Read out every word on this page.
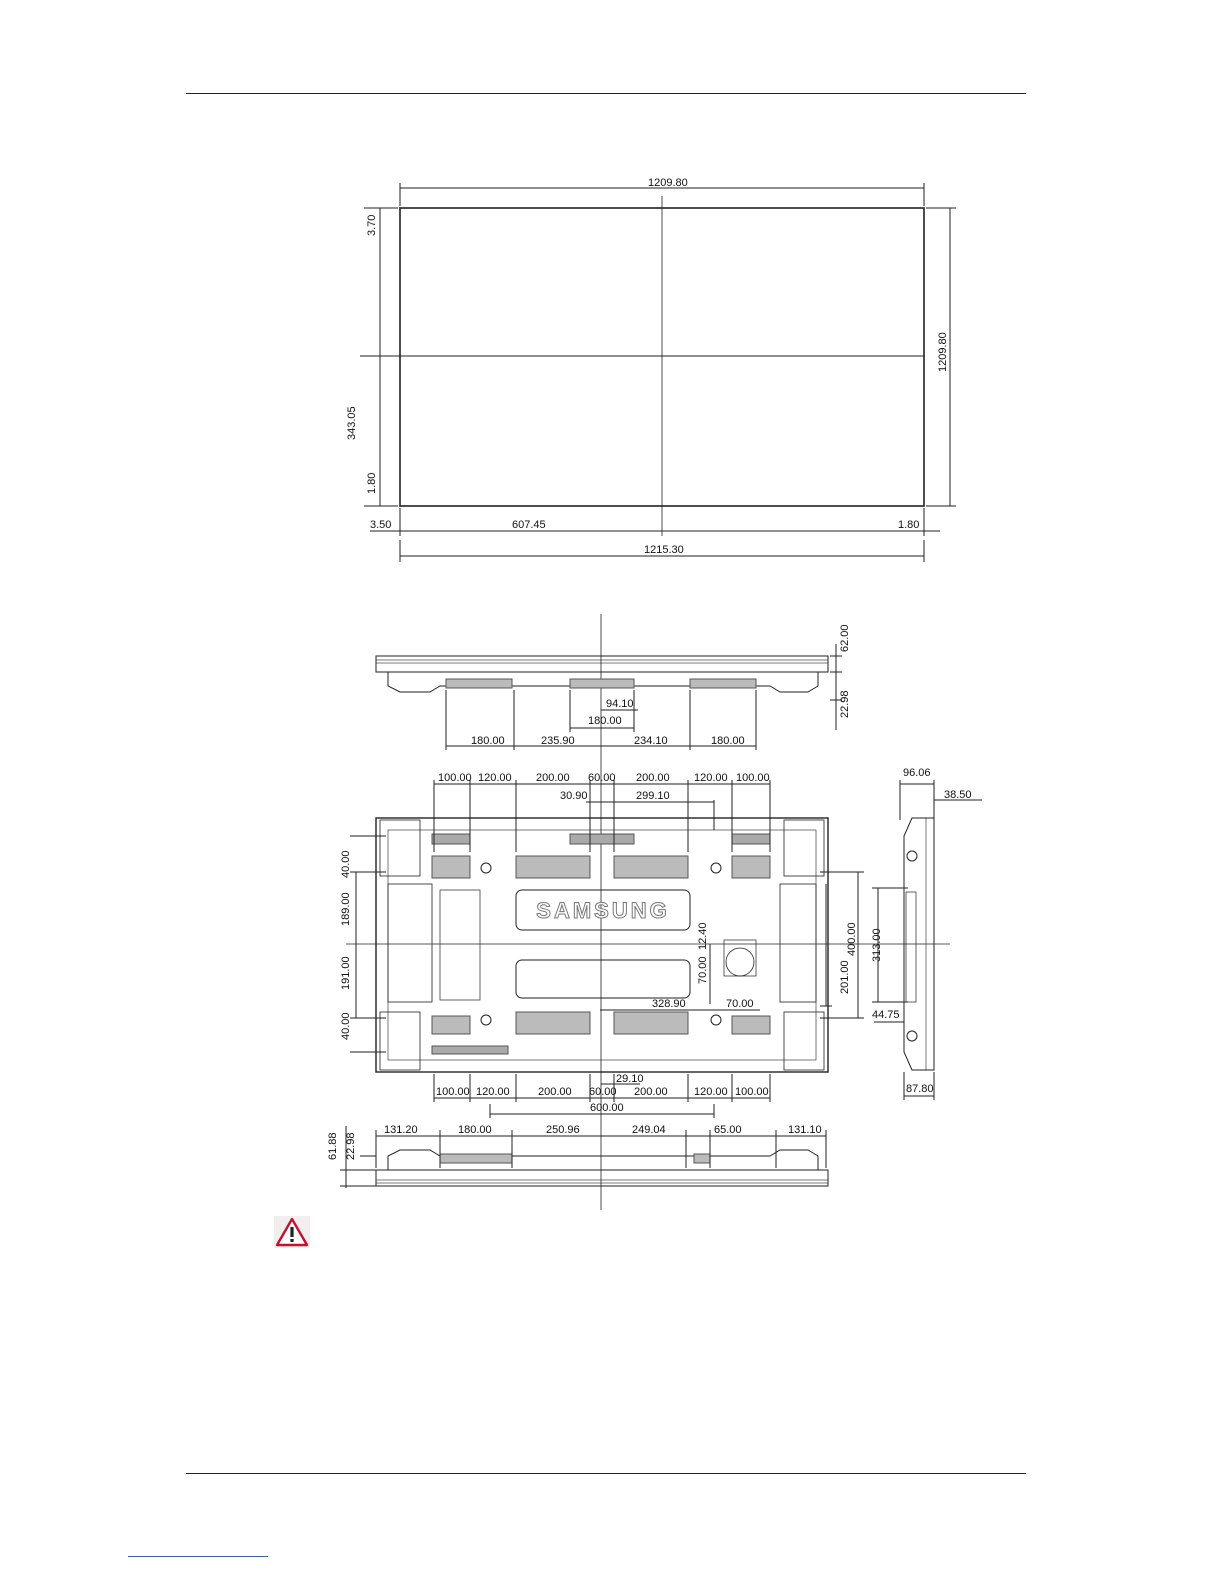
1209.80
3.70
1209.80
343.05
1.80
3.50	607.45	1.80
1215.30
62.00
22.98
94.10
180.00
180.00	235.90	234.10	180.00
100.00 120.00 200.00 60.00 200.00 120.00 100.00
30.90	299.10
40.00
189.00
191.00
40.00
400.00
201.00
313.00
12.40
70.00
328.90	70.00
29.10
100.00 120.00	200.00 60.00 200.00 120.00 100.00
600.00
96.06
38.50
44.75
87.80
61.88 22.98
131.20	180.00	250.96	249.04	65.00	131.10
SAMSUNG
